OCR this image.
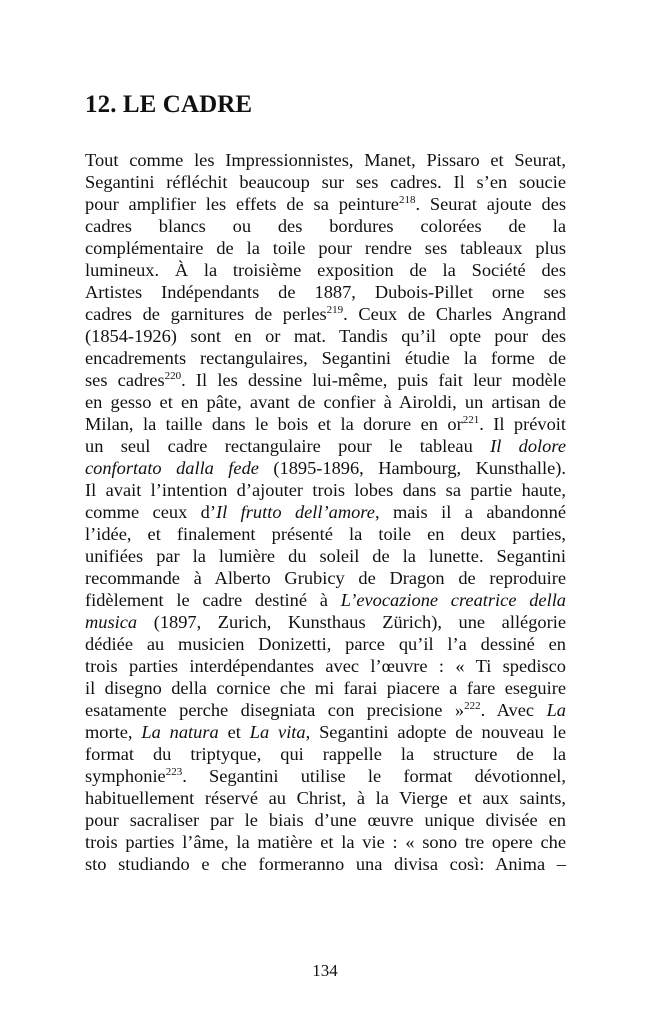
12. LE CADRE
Tout comme les Impressionnistes, Manet, Pissaro et Seurat,
Segantini réfléchit beaucoup sur ses cadres. Il s’en soucie
pour amplifier les effets de sa peinture$^{218}$. Seurat ajoute des
cadres blancs ou des bordures colorées de la
complémentaire de la toile pour rendre ses tableaux plus
lumineux. À la troisième exposition de la Société des
Artistes Indépendants de 1887, Dubois-Pillet orne ses
cadres de garnitures de perles$^{219}$. Ceux de Charles Angrand
(1854-1926) sont en or mat. Tandis qu’il opte pour des
encadrements rectangulaires, Segantini étudie la forme de
ses cadres$^{220}$. Il les dessine lui-même, puis fait leur modèle
en gesso et en pâte, avant de confier à Airoldi, un artisan de
Milan, la taille dans le bois et la dorure en $or^{221}$. Il prévoit
un seul cadre rectangulaire pour le tableau Il dolore
confortato dalla fede (1895-1896, Hambourg, Kunsthalle).
Il avait l’intention d’ajouter trois lobes dans sa partie haute,
comme ceux d’Il frutto dell’amore, mais il a abandonné
l’idée, et finalement présenté la toile en deux parties,
unifiées par la lumière du soleil de la lunette. Segantini
recommande à Alberto Grubicy de Dragon de reproduire
fidèlement le cadre destiné à L’evocazione creatrice della
musica (1897, Zurich, Kunsthaus Zürich), une allégorie
dédiée au musicien Donizetti, parce qu’il l’a dessiné en
trois parties interdépendantes avec l’œuvre : « Ti spedisco
il disegno della cornice che mi farai piacere a fare eseguire
esatamente perche disegniata con precisione »$^{222}$. Avec La
morte, La natura et La vita, Segantini adopte de nouveau le
format du triptyque, qui rappelle la structure de la
symphonie$^{223}$. Segantini utilise le format dévotionnel,
habituellement réservé au Christ, à la Vierge et aux saints,
pour sacraliser par le biais d’une œuvre unique divisée en
trois parties l’âme, la matière et la vie : « sono tre opere che
sto studiando e che formeranno una divisa così: Anima –
134
